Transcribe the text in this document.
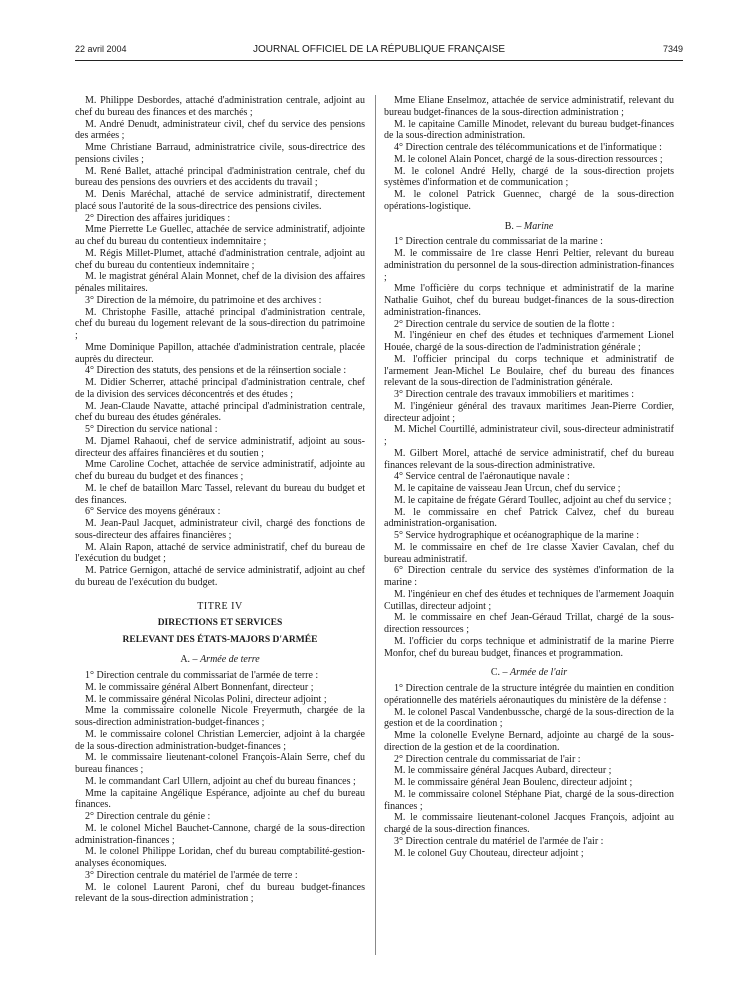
22 avril 2004	JOURNAL OFFICIEL DE LA RÉPUBLIQUE FRANÇAISE	7349

M. Philippe Desbordes, attaché d'administration centrale, adjoint au chef du bureau des finances et des marchés ;

M. André Denudt, administrateur civil, chef du service des pensions des armées ;

Mme Christiane Barraud, administratrice civile, sous-directrice des pensions civiles ;

M. René Ballet, attaché principal d'administration centrale, chef du bureau des pensions des ouvriers et des accidents du travail ;

M. Denis Maréchal, attaché de service administratif, directement placé sous l'autorité de la sous-directrice des pensions civiles.

2° Direction des affaires juridiques :

Mme Pierrette Le Guellec, attachée de service administratif, adjointe au chef du bureau du contentieux indemnitaire ;

M. Régis Millet-Plumet, attaché d'administration centrale, adjoint au chef du bureau du contentieux indemnitaire ;

M. le magistrat général Alain Monnet, chef de la division des affaires pénales militaires.

3° Direction de la mémoire, du patrimoine et des archives :

M. Christophe Fasille, attaché principal d'administration centrale, chef du bureau du logement relevant de la sous-direction du patrimoine ;

Mme Dominique Papillon, attachée d'administration centrale, placée auprès du directeur.

4° Direction des statuts, des pensions et de la réinsertion sociale :

M. Didier Scherrer, attaché principal d'administration centrale, chef de la division des services déconcentrés et des études ;

M. Jean-Claude Navatte, attaché principal d'administration centrale, chef du bureau des études générales.

5° Direction du service national :

M. Djamel Rahaoui, chef de service administratif, adjoint au sous-directeur des affaires financières et du soutien ;

Mme Caroline Cochet, attachée de service administratif, adjointe au chef du bureau du budget et des finances ;

M. le chef de bataillon Marc Tassel, relevant du bureau du budget et des finances.

6° Service des moyens généraux :

M. Jean-Paul Jacquet, administrateur civil, chargé des fonctions de sous-directeur des affaires financières ;

M. Alain Rapon, attaché de service administratif, chef du bureau de l'exécution du budget ;

M. Patrice Gernigon, attaché de service administratif, adjoint au chef du bureau de l'exécution du budget.

TITRE IV

DIRECTIONS ET SERVICES

RELEVANT DES ÉTATS-MAJORS D'ARMÉE

A. – Armée de terre

1° Direction centrale du commissariat de l'armée de terre :

M. le commissaire général Albert Bonnenfant, directeur ;

M. le commissaire général Nicolas Polini, directeur adjoint ;

Mme la commissaire colonelle Nicole Freyermuth, chargée de la sous-direction administration-budget-finances ;

M. le commissaire colonel Christian Lemercier, adjoint à la chargée de la sous-direction administration-budget-finances ;

M. le commissaire lieutenant-colonel François-Alain Serre, chef du bureau finances ;

M. le commandant Carl Ullern, adjoint au chef du bureau finances ;

Mme la capitaine Angélique Espérance, adjointe au chef du bureau finances.

2° Direction centrale du génie :

M. le colonel Michel Bauchet-Cannone, chargé de la sous-direction administration-finances ;

M. le colonel Philippe Loridan, chef du bureau comptabilité-gestion-analyses économiques.

3° Direction centrale du matériel de l'armée de terre :

M. le colonel Laurent Paroni, chef du bureau budget-finances relevant de la sous-direction administration ;

Mme Eliane Enselmoz, attachée de service administratif, relevant du bureau budget-finances de la sous-direction administration ;

M. le capitaine Camille Minodet, relevant du bureau budget-finances de la sous-direction administration.

4° Direction centrale des télécommunications et de l'informatique :

M. le colonel Alain Poncet, chargé de la sous-direction ressources ;

M. le colonel André Helly, chargé de la sous-direction projets systèmes d'information et de communication ;

M. le colonel Patrick Guennec, chargé de la sous-direction opérations-logistique.

B. – Marine

1° Direction centrale du commissariat de la marine :

M. le commissaire de 1re classe Henri Peltier, relevant du bureau administration du personnel de la sous-direction administration-finances ;

Mme l'officière du corps technique et administratif de la marine Nathalie Guihot, chef du bureau budget-finances de la sous-direction administration-finances.

2° Direction centrale du service de soutien de la flotte :

M. l'ingénieur en chef des études et techniques d'armement Lionel Houée, chargé de la sous-direction de l'administration générale ;

M. l'officier principal du corps technique et administratif de l'armement Jean-Michel Le Boulaire, chef du bureau des finances relevant de la sous-direction de l'administration générale.

3° Direction centrale des travaux immobiliers et maritimes :

M. l'ingénieur général des travaux maritimes Jean-Pierre Cordier, directeur adjoint ;

M. Michel Courtillé, administrateur civil, sous-directeur administratif ;

M. Gilbert Morel, attaché de service administratif, chef du bureau finances relevant de la sous-direction administrative.

4° Service central de l'aéronautique navale :

M. le capitaine de vaisseau Jean Urcun, chef du service ;

M. le capitaine de frégate Gérard Toullec, adjoint au chef du service ;

M. le commissaire en chef Patrick Calvez, chef du bureau administration-organisation.

5° Service hydrographique et océanographique de la marine :

M. le commissaire en chef de 1re classe Xavier Cavalan, chef du bureau administratif.

6° Direction centrale du service des systèmes d'information de la marine :

M. l'ingénieur en chef des études et techniques de l'armement Joaquin Cutillas, directeur adjoint ;

M. le commissaire en chef Jean-Géraud Trillat, chargé de la sous-direction ressources ;

M. l'officier du corps technique et administratif de la marine Pierre Monfor, chef du bureau budget, finances et programmation.

C. – Armée de l'air

1° Direction centrale de la structure intégrée du maintien en condition opérationnelle des matériels aéronautiques du ministère de la défense :

M. le colonel Pascal Vandenbussche, chargé de la sous-direction de la gestion et de la coordination ;

Mme la colonelle Evelyne Bernard, adjointe au chargé de la sous-direction de la gestion et de la coordination.

2° Direction centrale du commissariat de l'air :

M. le commissaire général Jacques Aubard, directeur ;

M. le commissaire général Jean Boulenc, directeur adjoint ;

M. le commissaire colonel Stéphane Piat, chargé de la sous-direction finances ;

M. le commissaire lieutenant-colonel Jacques François, adjoint au chargé de la sous-direction finances.

3° Direction centrale du matériel de l'armée de l'air :

M. le colonel Guy Chouteau, directeur adjoint ;
